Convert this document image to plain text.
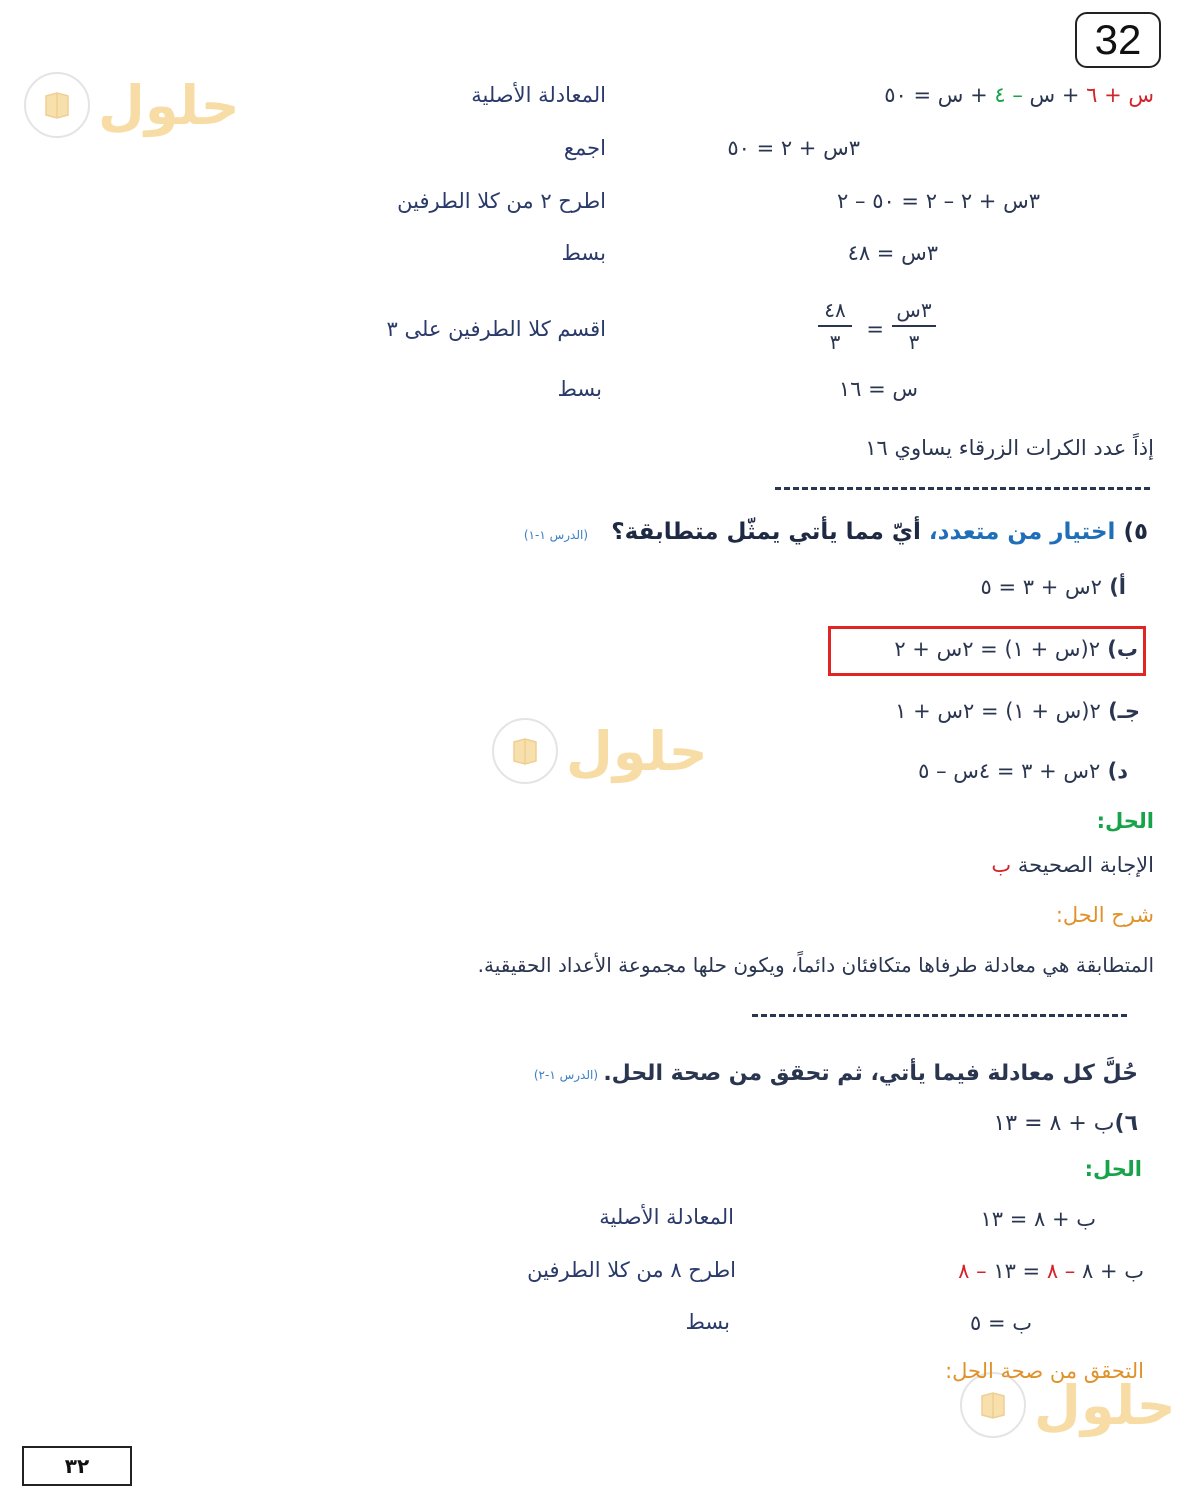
32
حلول
حلول
حلول
س + ٦ + س – ٤ + س = ٥٠
المعادلة الأصلية
٣س + ٢ = ٥٠
اجمع
٣س + ٢ – ٢ = ٥٠ – ٢
اطرح ٢ من كلا الطرفين
٣س = ٤٨
بسط
٣س
٣
=
٤٨
٣
اقسم كلا الطرفين على ٣
س = ١٦
بسط
إذاً عدد الكرات الزرقاء يساوي ١٦
٥) اختيار من متعدد، أيّ مما يأتي يمثّل متطابقة؟
(الدرس ١-١)
أ) ٢س + ٣ = ٥
ب) ٢(س + ١) = ٢س + ٢
جـ) ٢(س + ١) = ٢س + ١
د) ٢س + ٣ = ٤س – ٥
الحل:
الإجابة الصحيحة ب
شرح الحل:
المتطابقة هي معادلة طرفاها متكافئان دائماً، ويكون حلها مجموعة الأعداد الحقيقية.
حُلَّ كل معادلة فيما يأتي، ثم تحقق من صحة الحل.
(الدرس ١-٢)
٦)ب + ٨ = ١٣
الحل:
ب + ٨ = ١٣
المعادلة الأصلية
ب + ٨ – ٨ = ١٣ – ٨
اطرح ٨ من كلا الطرفين
ب = ٥
بسط
التحقق من صحة الحل:
٣٢
